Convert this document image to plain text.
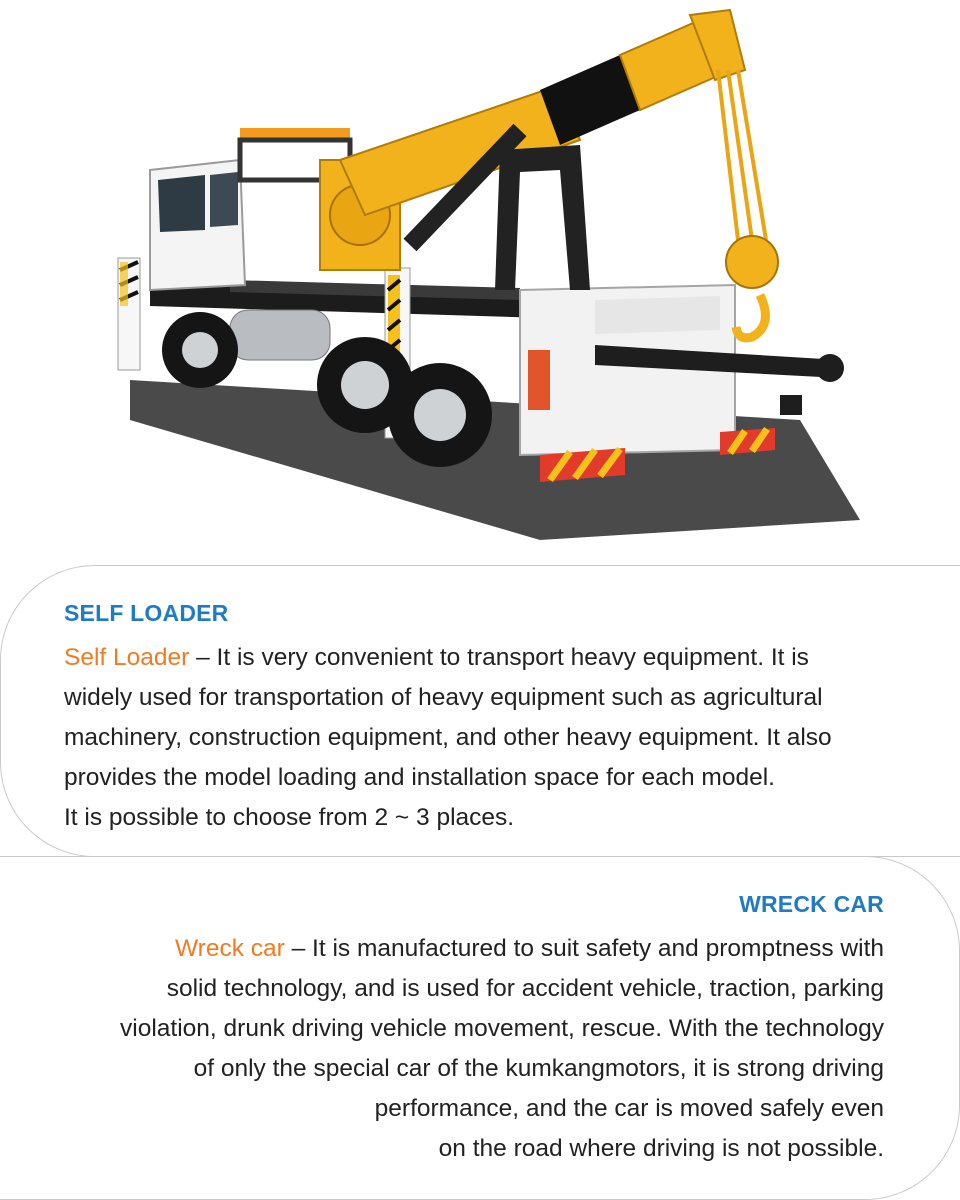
SELF LOADER

Self Loader – It is very convenient to transport heavy equipment. It is
widely used for transportation of heavy equipment such as agricultural
machinery, construction equipment, and other heavy equipment. It also
provides the model loading and installation space for each model.
It is possible to choose from 2 ~ 3 places.

WRECK CAR

Wreck car – It is manufactured to suit safety and promptness with
solid technology, and is used for accident vehicle, traction, parking
violation, drunk driving vehicle movement, rescue. With the technology
of only the special car of the kumkangmotors, it is strong driving
performance, and the car is moved safely even
on the road where driving is not possible.
